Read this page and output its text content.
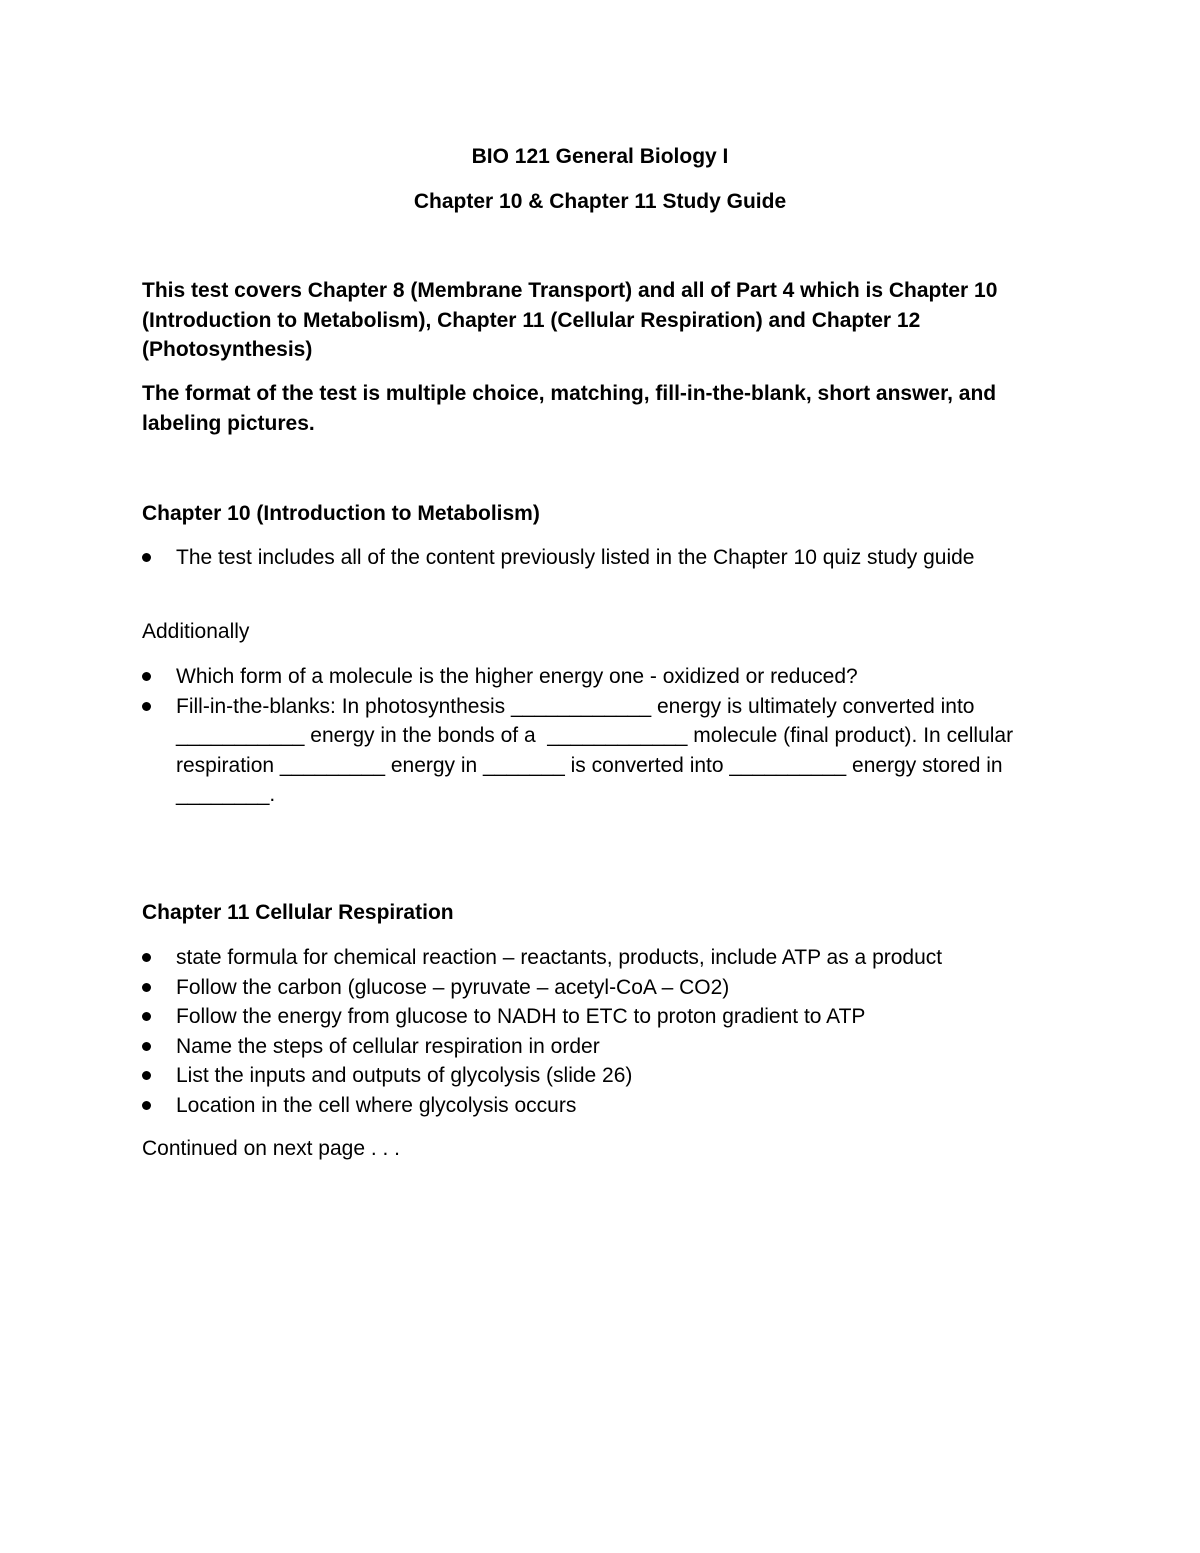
BIO 121 General Biology I

Chapter 10 & Chapter 11 Study Guide

This test covers Chapter 8 (Membrane Transport) and all of Part 4 which is Chapter 10 (Introduction to Metabolism), Chapter 11 (Cellular Respiration) and Chapter 12 (Photosynthesis)

The format of the test is multiple choice, matching, fill-in-the-blank, short answer, and labeling pictures.

Chapter 10 (Introduction to Metabolism)

The test includes all of the content previously listed in the Chapter 10 quiz study guide

Additionally

Which form of a molecule is the higher energy one - oxidized or reduced?
Fill-in-the-blanks: In photosynthesis ____________ energy is ultimately converted into ___________ energy in the bonds of a  ____________ molecule (final product). In cellular respiration _________ energy in _______ is converted into __________ energy stored in ________.

Chapter 11 Cellular Respiration

state formula for chemical reaction – reactants, products, include ATP as a product
Follow the carbon (glucose – pyruvate – acetyl-CoA – CO2)
Follow the energy from glucose to NADH to ETC to proton gradient to ATP
Name the steps of cellular respiration in order
List the inputs and outputs of glycolysis (slide 26)
Location in the cell where glycolysis occurs

Continued on next page . . .
